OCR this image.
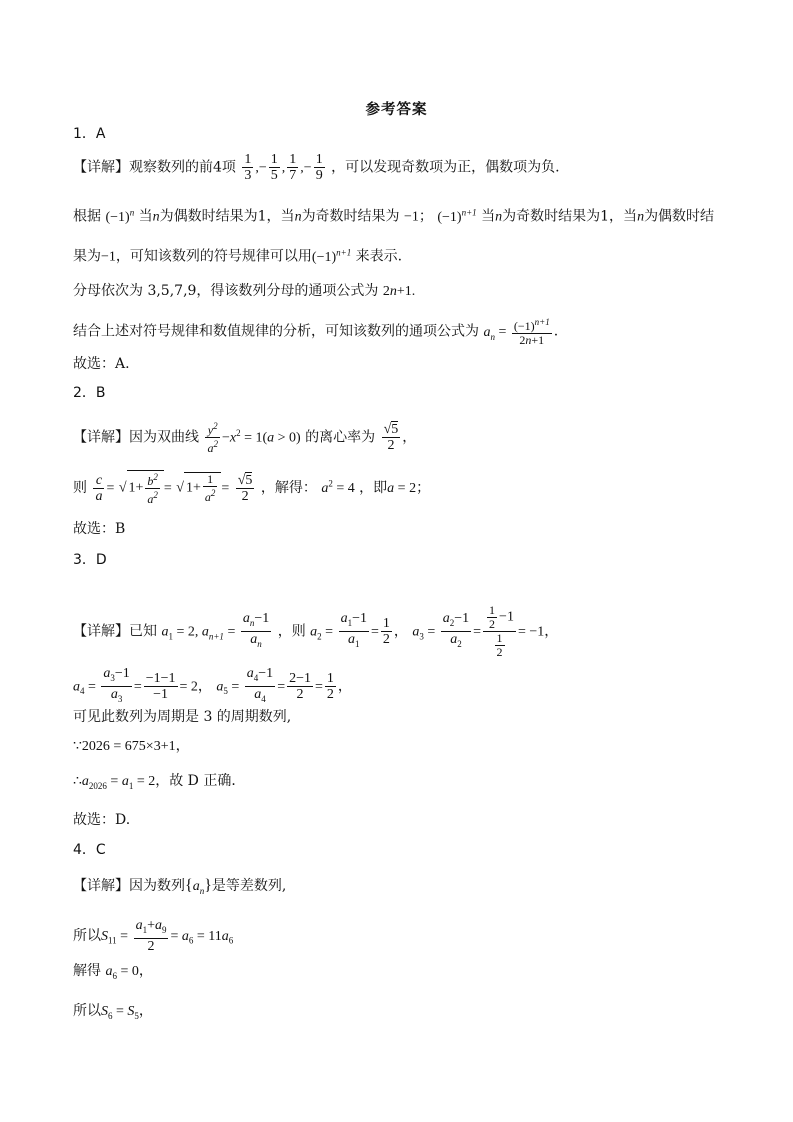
参考答案
1．A
【详解】观察数列的前4项 $\frac{1}{3}$ ,− $\frac{1}{5}$ , $\frac{1}{7}$ ,− $\frac{1}{9}$ ，可以发现奇数项为正，偶数项为负.
根据 $(-1)^n$ 当n为偶数时结果为1，当n为奇数时结果为 −1； $(-1)^{n+1}$ 当n为奇数时结果为1，当n为偶数时结
果为−1，可知该数列的符号规律可以用$(-1)^{n+1}$ 来表示.
分母依次为 3,5,7,9，得该数列分母的通项公式为 2n+1.
结合上述对符号规律和数值规律的分析，可知该数列的通项公式为 $a_n = \frac{(-1)^{n+1}}{2n+1}$ .
故选：A.
2．B
【详解】因为双曲线 $\frac{y^2}{a^2} -x^2 = 1(a > 0)$ 的离心率为 $\frac{√5}{2}$ ，
则 $\frac{c}{a}$ = √ $1+ \frac{b^2}{a^2}$ = √ $1+ \frac{1}{a^2} = \frac{√5}{2}$ ，解得： $a^2 = 4$ ，即a = 2；
故选：B
3．D
【详解】已知 $a_1 = 2$, $a_{n+1} = \frac{a_n-1}{a_n}$ ，则 $a_2 = \frac{a_1-1}{a_1} = \frac{1}{2}$ ， $a_3 = \frac{a_2-1}{a_2} = \frac{\frac{1}{2} -1}{\frac{1}{2}} = -1$，
$a_4 = \frac{a_3-1}{a_3} = \frac{-1-1}{-1} = 2$， $a_5 = \frac{a_4-1}{a_4} = \frac{2-1}{2} = \frac{1}{2}$ ，
可见此数列为周期是 3 的周期数列,
∵2026 = 675×3+1，
$\therefore a_{2026} = a_1 = 2$，故 D 正确．
故选：D.
4．C
【详解】因为数列$\{a_n\}$是等差数列,
所以$S_{11} = \frac{a_1+a_9}{2} = a_6 = 11a_6$
解得 $a_6 = 0$，
所以$S_6 = S_5$，
